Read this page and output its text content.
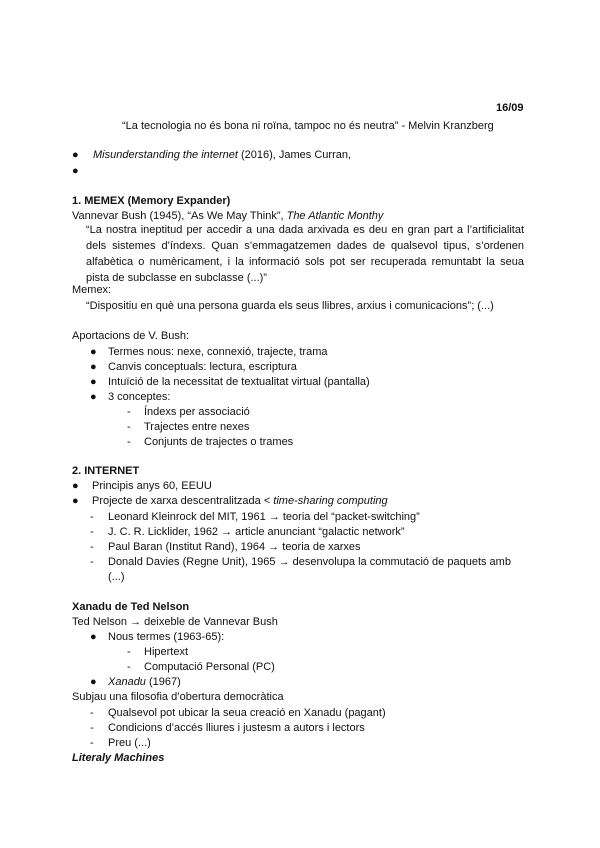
16/09
“La tecnologia no és bona ni roïna, tampoc no és neutra” - Melvin Kranzberg
● Misunderstanding the internet (2016), James Curran,
●
1. MEMEX (Memory Expander)
Vannevar Bush (1945), “As We May Think”, The Atlantic Monthy
“La nostra ineptitud per accedir a una dada arxivada es deu en gran part a l’artificialitat dels sistemes d’índexs. Quan s’emmagatzemen dades de qualsevol tipus, s’ordenen alfabètica o numèricament, i la informació sols pot ser recuperada remuntabt la seua pista de subclasse en subclasse (...)”
Memex:
“Dispositiu en què una persona guarda els seus llibres, arxius i comunicacions”; (...)
Aportacions de V. Bush:
● Termes nous: nexe, connexió, trajecte, trama
● Canvis conceptuals: lectura, escriptura
● Intuïció de la necessitat de textualitat virtual (pantalla)
● 3 conceptes:
- Índexs per associació
- Trajectes entre nexes
- Conjunts de trajectes o trames
2. INTERNET
● Principis anys 60, EEUU
● Projecte de xarxa descentralitzada < time-sharing computing
- Leonard Kleinrock del MIT, 1961 → teoria del “packet-switching”
- J. C. R. Licklider, 1962 → article anunciant “galactic network”
- Paul Baran (Institut Rand), 1964 → teoria de xarxes
- Donald Davies (Regne Unit), 1965 → desenvolupa la commutació de paquets amb
(...)
Xanadu de Ted Nelson
Ted Nelson → deixeble de Vannevar Bush
● Nous termes (1963-65):
- Hipertext
- Computació Personal (PC)
● Xanadu (1967)
Subjau una filosofia d’obertura democràtica
- Qualsevol pot ubicar la seua creació en Xanadu (pagant)
- Condicions d’accés lliures i justesm a autors i lectors
- Preu (...)
Literaly Machines
